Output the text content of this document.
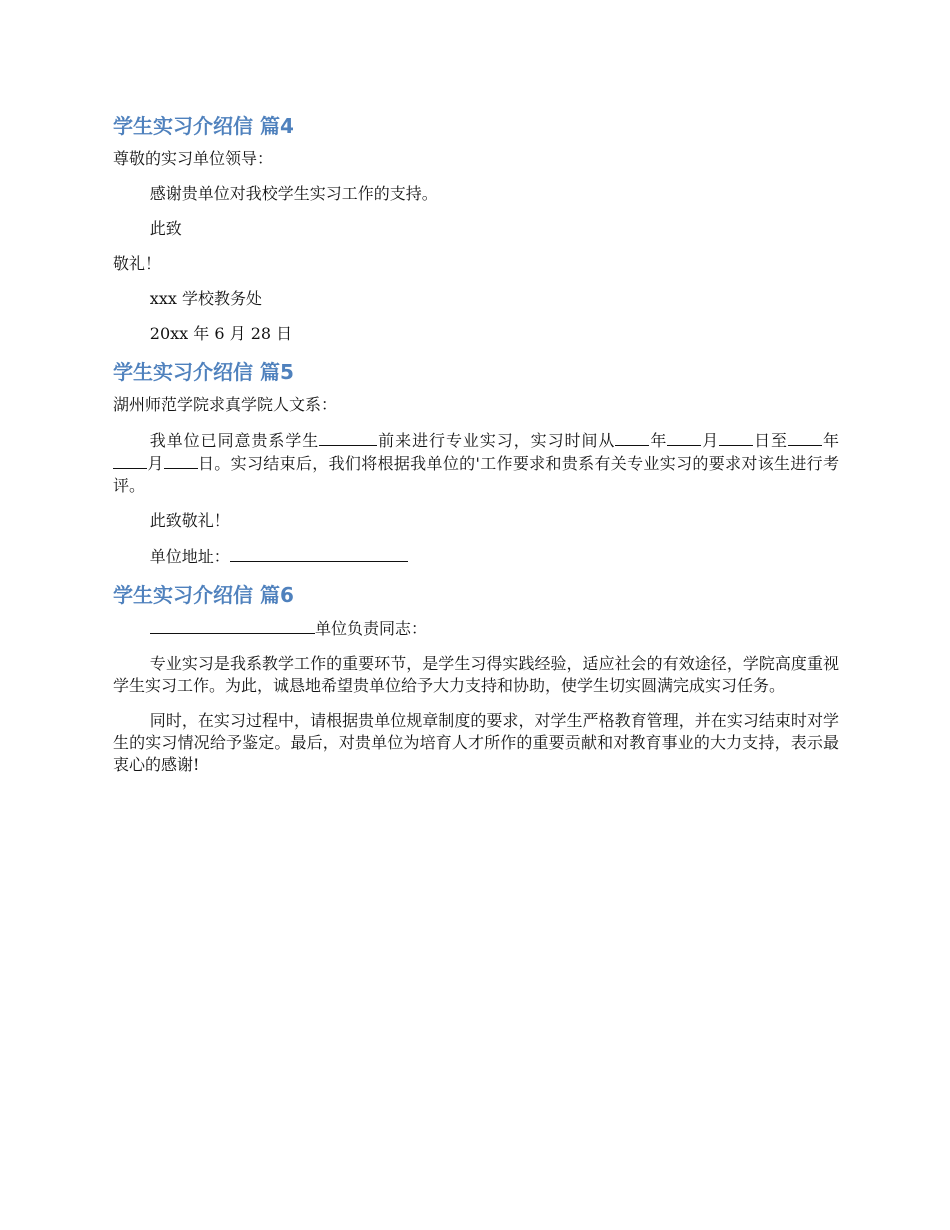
学生实习介绍信 篇4

尊敬的实习单位领导：

感谢贵单位对我校学生实习工作的支持。

此致

敬礼！

xxx 学校教务处

20xx 年 6 月 28 日

学生实习介绍信 篇5

湖州师范学院求真学院人文系：

我单位已同意贵系学生	前来进行专业实习，实习时间从 年 月 日至 年月 日。实习结束后，我们将根据我单位的'工作要求和贵系有关专业实习的要求对该生进行考评。

此致敬礼！

单位地址：

学生实习介绍信 篇6

单位负责同志：

专业实习是我系教学工作的重要环节，是学生习得实践经验，适应社会的有效途径，学院高度重视学生实习工作。为此，诚恳地希望贵单位给予大力支持和协助，使学生切实圆满完成实习任务。

同时，在实习过程中，请根据贵单位规章制度的要求，对学生严格教育管理，并在实习结束时对学生的实习情况给予鉴定。最后，对贵单位为培育人才所作的重要贡献和对教育事业的大力支持，表示最衷心的感谢!
